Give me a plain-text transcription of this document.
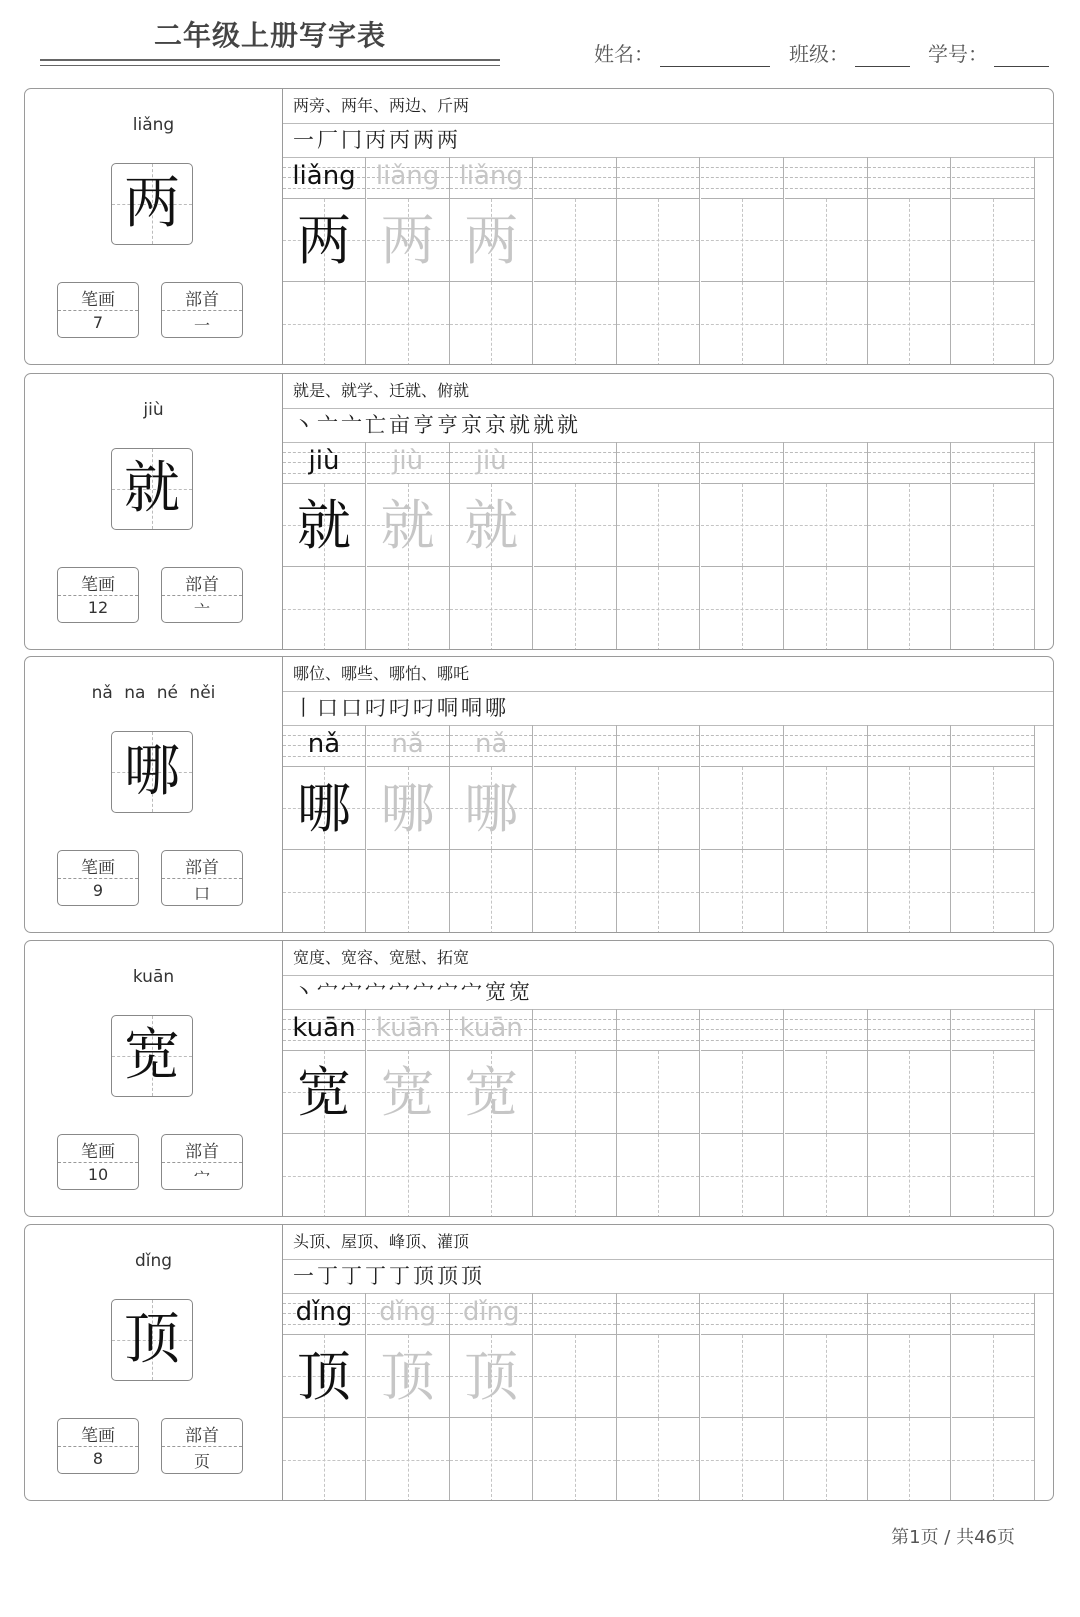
二年级上册写字表
姓名：	班级：	学号：
liǎng
两
笔画
7
部首
一
两旁、两年、两边、斤两
一 厂 冂 丙 丙 两 两
liǎng
两
liǎng
两
liǎng
两
jiù
就
笔画
12
部首
亠
就是、就学、迁就、俯就
丶 亠 亠 亡 亩 亨 亨 京 京 就 就 就
jiù
就
jiù
就
jiù
就
nǎ na né něi
哪
笔画
9
部首
口
哪位、哪些、哪怕、哪吒
丨 口 口 叼 叼 叼 哃 哃 哪
nǎ
哪
nǎ
哪
nǎ
哪
kuān
宽
笔画
10
部首
宀
宽度、宽容、宽慰、拓宽
丶 宀 宀 宀 宀 宀 宀 宀 宽 宽
kuān
宽
kuān
宽
kuān
宽
dǐng
顶
笔画
8
部首
页
头顶、屋顶、峰顶、灌顶
一 丁 丁 丁 丁 顶 顶 顶
dǐng
顶
dǐng
顶
dǐng
顶
第1页 / 共46页
